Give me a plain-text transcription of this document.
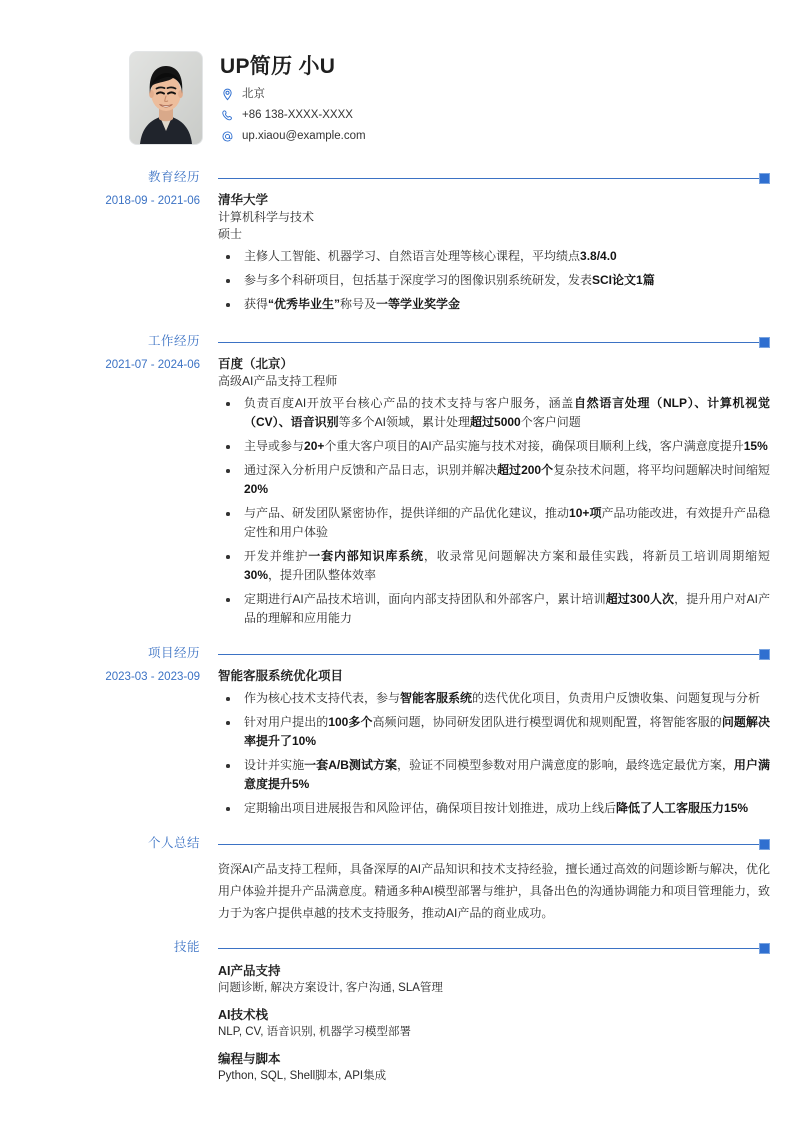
UP简历 小U
北京
+86 138-XXXX-XXXX
up.xiaou@example.com
教育经历
2018-09 - 2021-06 清华大学
计算机科学与技术
硕士
主修人工智能、机器学习、自然语言处理等核心课程，平均绩点3.8/4.0
参与多个科研项目，包括基于深度学习的图像识别系统研发，发表SCI论文1篇
获得“优秀毕业生”称号及一等学业奖学金
工作经历
2021-07 - 2024-06 百度（北京）
高级AI产品支持工程师
负责百度AI开放平台核心产品的技术支持与客户服务，涵盖自然语言处理（NLP）、计算机视觉（CV）、语音识别等多个AI领域，累计处理超过5000个客户问题
主导或参与20+个重大客户项目的AI产品实施与技术对接，确保项目顺利上线，客户满意度提升15%
通过深入分析用户反馈和产品日志，识别并解决超过200个复杂技术问题，将平均问题解决时间缩短20%
与产品、研发团队紧密协作，提供详细的产品优化建议，推动10+项产品功能改进，有效提升产品稳定性和用户体验
开发并维护一套内部知识库系统，收录常见问题解决方案和最佳实践，将新员工培训周期缩短30%，提升团队整体效率
定期进行AI产品技术培训，面向内部支持团队和外部客户，累计培训超过300人次，提升用户对AI产品的理解和应用能力
项目经历
2023-03 - 2023-09 智能客服系统优化项目
作为核心技术支持代表，参与智能客服系统的迭代优化项目，负责用户反馈收集、问题复现与分析
针对用户提出的100多个高频问题，协同研发团队进行模型调优和规则配置，将智能客服的问题解决率提升了10%
设计并实施一套A/B测试方案，验证不同模型参数对用户满意度的影响，最终选定最优方案，用户满意度提升5%
定期输出项目进展报告和风险评估，确保项目按计划推进，成功上线后降低了人工客服压力15%
个人总结
资深AI产品支持工程师，具备深厚的AI产品知识和技术支持经验，擅长通过高效的问题诊断与解决，优化用户体验并提升产品满意度。精通多种AI模型部署与维护，具备出色的沟通协调能力和项目管理能力，致力于为客户提供卓越的技术支持服务，推动AI产品的商业成功。
技能
AI产品支持
问题诊断, 解决方案设计, 客户沟通, SLA管理
AI技术栈
NLP, CV, 语音识别, 机器学习模型部署
编程与脚本
Python, SQL, Shell脚本, API集成
